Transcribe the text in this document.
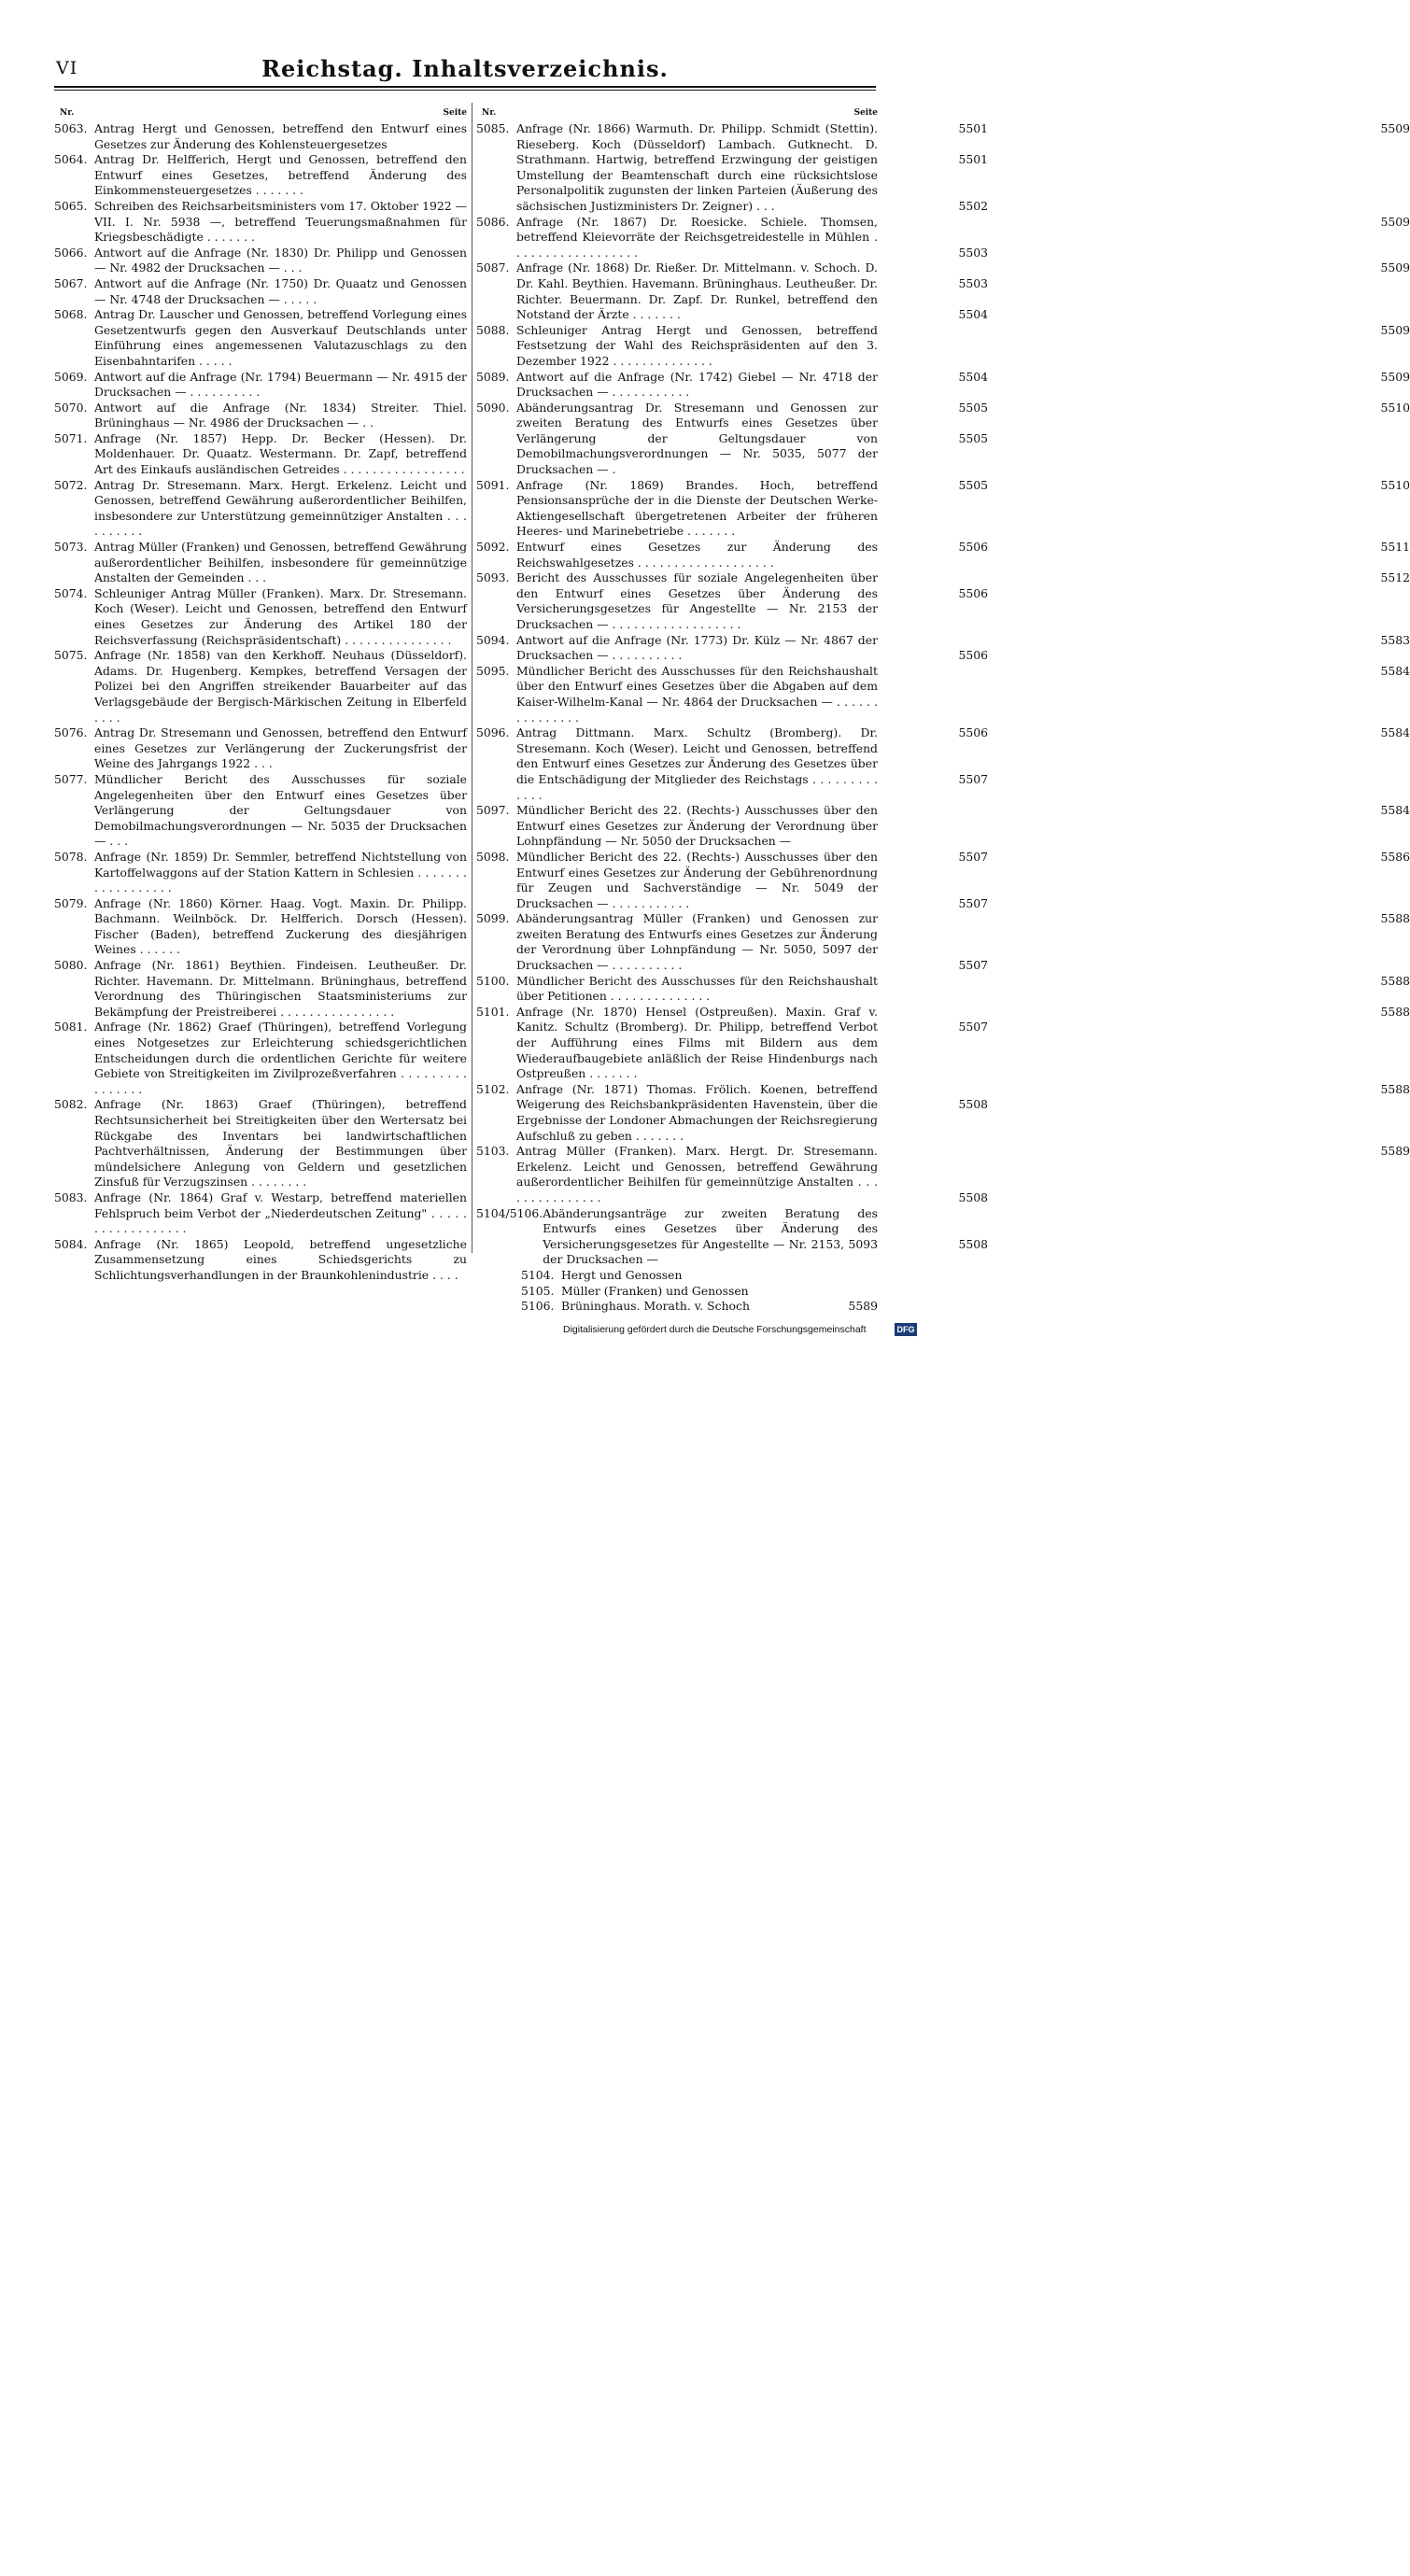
VI	Reichstag. Inhaltsverzeichnis.
Nr.	Seite
5063. Antrag Hergt und Genossen, betreffend den Entwurf eines Gesetzes zur Änderung des Kohlensteuergesetzes
5501
5064. Antrag Dr. Helfferich, Hergt und Genossen, betreffend den Entwurf eines Gesetzes, betreffend Änderung des Einkommensteuergesetzes . . . . . . .
5501
5065. Schreiben des Reichsarbeitsministers vom 17. Oktober 1922 — VII. I. Nr. 5938 —, betreffend Teuerungsmaßnahmen für Kriegsbeschädigte . . . . . . .
5502
5066. Antwort auf die Anfrage (Nr. 1830) Dr. Philipp und Genossen — Nr. 4982 der Drucksachen — . . .
5503
5067. Antwort auf die Anfrage (Nr. 1750) Dr. Quaatz und Genossen — Nr. 4748 der Drucksachen — . . . . .
5503
5068. Antrag Dr. Lauscher und Genossen, betreffend Vorlegung eines Gesetzentwurfs gegen den Ausverkauf Deutschlands unter Einführung eines angemessenen Valutazuschlags zu den Eisenbahntarifen . . . . .
5504
5069. Antwort auf die Anfrage (Nr. 1794) Beuermann — Nr. 4915 der Drucksachen — . . . . . . . . . .
5504
5070. Antwort auf die Anfrage (Nr. 1834) Streiter. Thiel. Brüninghaus — Nr. 4986 der Drucksachen — . .
5505
5071. Anfrage (Nr. 1857) Hepp. Dr. Becker (Hessen). Dr. Moldenhauer. Dr. Quaatz. Westermann. Dr. Zapf, betreffend Art des Einkaufs ausländischen Getreides . . . . . . . . . . . . . . . . .
5505
5072. Antrag Dr. Stresemann. Marx. Hergt. Erkelenz. Leicht und Genossen, betreffend Gewährung außerordentlicher Beihilfen, insbesondere zur Unterstützung gemeinnütziger Anstalten . . . . . . . . . .
5505
5073. Antrag Müller (Franken) und Genossen, betreffend Gewährung außerordentlicher Beihilfen, insbesondere für gemeinnützige Anstalten der Gemeinden . . .
5506
5074. Schleuniger Antrag Müller (Franken). Marx. Dr. Stresemann. Koch (Weser). Leicht und Genossen, betreffend den Entwurf eines Gesetzes zur Änderung des Artikel 180 der Reichsverfassung (Reichspräsidentschaft) . . . . . . . . . . . . . . .
5506
5075. Anfrage (Nr. 1858) van den Kerkhoff. Neuhaus (Düsseldorf). Adams. Dr. Hugenberg. Kempkes, betreffend Versagen der Polizei bei den Angriffen streikender Bauarbeiter auf das Verlagsgebäude der Bergisch-Märkischen Zeitung in Elberfeld . . . .
5506
5076. Antrag Dr. Stresemann und Genossen, betreffend den Entwurf eines Gesetzes zur Verlängerung der Zuckerungsfrist der Weine des Jahrgangs 1922 . . .
5506
5077. Mündlicher Bericht des Ausschusses für soziale Angelegenheiten über den Entwurf eines Gesetzes über Verlängerung der Geltungsdauer von Demobilmachungsverordnungen — Nr. 5035 der Drucksachen — . . .
5507
5078. Anfrage (Nr. 1859) Dr. Semmler, betreffend Nichtstellung von Kartoffelwaggons auf der Station Kattern in Schlesien . . . . . . . . . . . . . . . . . .
5507
5079. Anfrage (Nr. 1860) Körner. Haag. Vogt. Maxin. Dr. Philipp. Bachmann. Weilnböck. Dr. Helfferich. Dorsch (Hessen). Fischer (Baden), betreffend Zuckerung des diesjährigen Weines . . . . . .
5507
5080. Anfrage (Nr. 1861) Beythien. Findeisen. Leutheußer. Dr. Richter. Havemann. Dr. Mittelmann. Brüninghaus, betreffend Verordnung des Thüringischen Staatsministeriums zur Bekämpfung der Preistreiberei . . . . . . . . . . . . . . . .
5507
5081. Anfrage (Nr. 1862) Graef (Thüringen), betreffend Vorlegung eines Notgesetzes zur Erleichterung schiedsgerichtlichen Entscheidungen durch die ordentlichen Gerichte für weitere Gebiete von Streitigkeiten im Zivilprozeßverfahren . . . . . . . . . . . . . . . .
5507
5082. Anfrage (Nr. 1863) Graef (Thüringen), betreffend Rechtsunsicherheit bei Streitigkeiten über den Wertersatz bei Rückgabe des Inventars bei landwirtschaftlichen Pachtverhältnissen, Änderung der Bestimmungen über mündelsichere Anlegung von Geldern und gesetzlichen Zinsfuß für Verzugszinsen . . . . . . . .
5508
5083. Anfrage (Nr. 1864) Graf v. Westarp, betreffend materiellen Fehlspruch beim Verbot der „Niederdeutschen Zeitung" . . . . . . . . . . . . . . . . . .
5508
5084. Anfrage (Nr. 1865) Leopold, betreffend ungesetzliche Zusammensetzung eines Schiedsgerichts zu Schlichtungsverhandlungen in der Braunkohlenindustrie . . . .
5508
Nr.	Seite
5085. Anfrage (Nr. 1866) Warmuth. Dr. Philipp. Schmidt (Stettin). Rieseberg. Koch (Düsseldorf) Lambach. Gutknecht. D. Strathmann. Hartwig, betreffend Erzwingung der geistigen Umstellung der Beamtenschaft durch eine rücksichtslose Personalpolitik zugunsten der linken Parteien (Äußerung des sächsischen Justizministers Dr. Zeigner) . . .
5509
5086. Anfrage (Nr. 1867) Dr. Roesicke. Schiele. Thomsen, betreffend Kleievorräte der Reichsgetreidestelle in Mühlen . . . . . . . . . . . . . . . . . .
5509
5087. Anfrage (Nr. 1868) Dr. Rießer. Dr. Mittelmann. v. Schoch. D. Dr. Kahl. Beythien. Havemann. Brüninghaus. Leutheußer. Dr. Richter. Beuermann. Dr. Zapf. Dr. Runkel, betreffend den Notstand der Ärzte . . . . . . .
5509
5088. Schleuniger Antrag Hergt und Genossen, betreffend Festsetzung der Wahl des Reichspräsidenten auf den 3. Dezember 1922 . . . . . . . . . . . . . .
5509
5089. Antwort auf die Anfrage (Nr. 1742) Giebel — Nr. 4718 der Drucksachen — . . . . . . . . . . .
5509
5090. Abänderungsantrag Dr. Stresemann und Genossen zur zweiten Beratung des Entwurfs eines Gesetzes über Verlängerung der Geltungsdauer von Demobilmachungsverordnungen — Nr. 5035, 5077 der Drucksachen — .
5510
5091. Anfrage (Nr. 1869) Brandes. Hoch, betreffend Pensionsansprüche der in die Dienste der Deutschen Werke-Aktiengesellschaft übergetretenen Arbeiter der früheren Heeres- und Marinebetriebe . . . . . . .
5510
5092. Entwurf eines Gesetzes zur Änderung des Reichswahlgesetzes . . . . . . . . . . . . . . . . . . .
5511
5093. Bericht des Ausschusses für soziale Angelegenheiten über den Entwurf eines Gesetzes über Änderung des Versicherungsgesetzes für Angestellte — Nr. 2153 der Drucksachen — . . . . . . . . . . . . . . . . . .
5512
5094. Antwort auf die Anfrage (Nr. 1773) Dr. Külz — Nr. 4867 der Drucksachen — . . . . . . . . . .
5583
5095. Mündlicher Bericht des Ausschusses für den Reichshaushalt über den Entwurf eines Gesetzes über die Abgaben auf dem Kaiser-Wilhelm-Kanal — Nr. 4864 der Drucksachen — . . . . . . . . . . . . . . .
5584
5096. Antrag Dittmann. Marx. Schultz (Bromberg). Dr. Stresemann. Koch (Weser). Leicht und Genossen, betreffend den Entwurf eines Gesetzes zur Änderung des Gesetzes über die Entschädigung der Mitglieder des Reichstags . . . . . . . . . . . . .
5584
5097. Mündlicher Bericht des 22. (Rechts-) Ausschusses über den Entwurf eines Gesetzes zur Änderung der Verordnung über Lohnpfändung — Nr. 5050 der Drucksachen —
5584
5098. Mündlicher Bericht des 22. (Rechts-) Ausschusses über den Entwurf eines Gesetzes zur Änderung der Gebührenordnung für Zeugen und Sachverständige — Nr. 5049 der Drucksachen — . . . . . . . . . . .
5586
5099. Abänderungsantrag Müller (Franken) und Genossen zur zweiten Beratung des Entwurfs eines Gesetzes zur Änderung der Verordnung über Lohnpfändung — Nr. 5050, 5097 der Drucksachen — . . . . . . . . . .
5588
5100. Mündlicher Bericht des Ausschusses für den Reichshaushalt über Petitionen . . . . . . . . . . . . . .
5588
5101. Anfrage (Nr. 1870) Hensel (Ostpreußen). Maxin. Graf v. Kanitz. Schultz (Bromberg). Dr. Philipp, betreffend Verbot der Aufführung eines Films mit Bildern aus dem Wiederaufbaugebiete anläßlich der Reise Hindenburgs nach Ostpreußen . . . . . . .
5588
5102. Anfrage (Nr. 1871) Thomas. Frölich. Koenen, betreffend Weigerung des Reichsbankpräsidenten Havenstein, über die Ergebnisse der Londoner Abmachungen der Reichsregierung Aufschluß zu geben . . . . . . .
5588
5103. Antrag Müller (Franken). Marx. Hergt. Dr. Stresemann. Erkelenz. Leicht und Genossen, betreffend Gewährung außerordentlicher Beihilfen für gemeinnützige Anstalten . . . . . . . . . . . . . . .
5589
5104/5106. Abänderungsanträge zur zweiten Beratung des Entwurfs eines Gesetzes über Änderung des Versicherungsgesetzes für Angestellte — Nr. 2153, 5093 der Drucksachen —
5104. Hergt und Genossen
5105. Müller (Franken) und Genossen
5106. Brüninghaus. Morath. v. Schoch	5589
Digitalisierung gefördert durch die Deutsche Forschungsgemeinschaft	DFG
